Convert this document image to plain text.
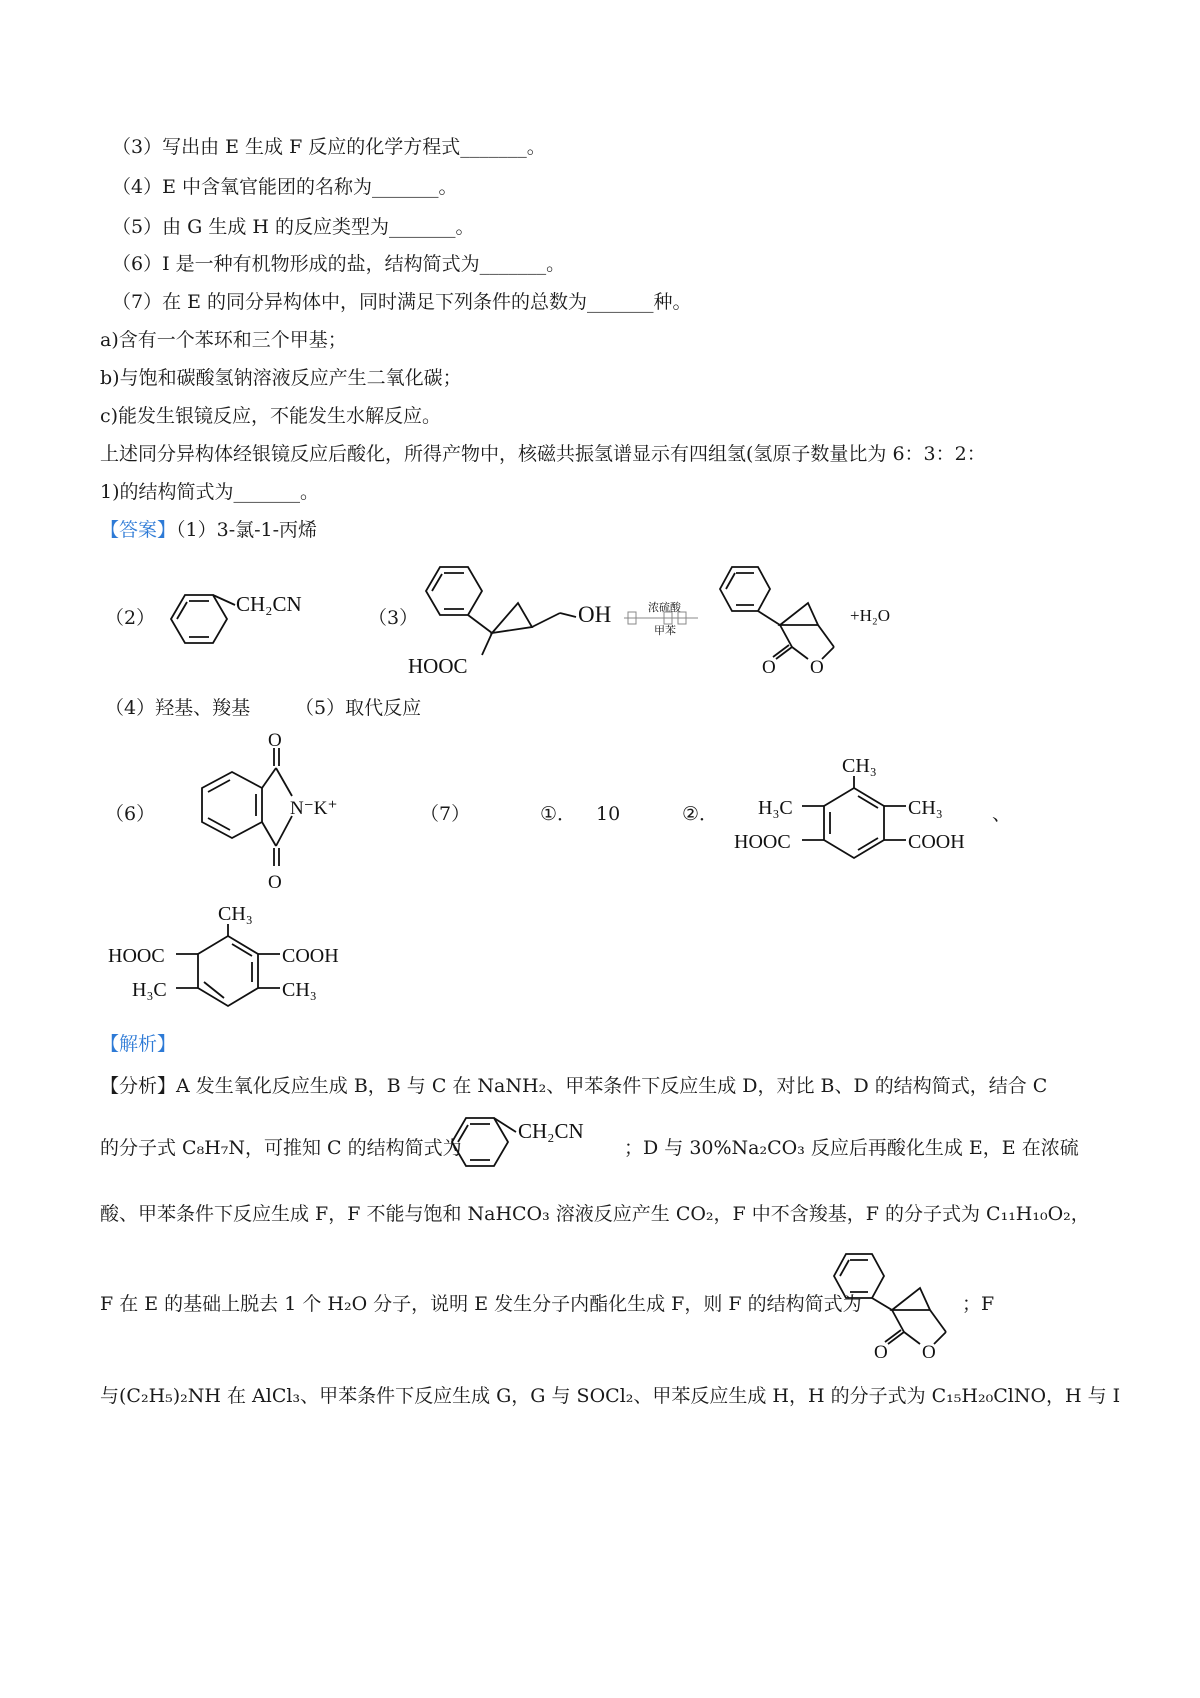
（3）写出由 E 生成 F 反应的化学方程式_______。
（4）E 中含氧官能团的名称为_______。
（5）由 G 生成 H 的反应类型为_______。
（6）I 是一种有机物形成的盐，结构简式为_______。
（7）在 E 的同分异构体中，同时满足下列条件的总数为_______种。
a)含有一个苯环和三个甲基；
b)与饱和碳酸氢钠溶液反应产生二氧化碳；
c)能发生银镜反应，不能发生水解反应。
上述同分异构体经银镜反应后酸化，所得产物中，核磁共振氢谱显示有四组氢(氢原子数量比为 6：3：2：
1)的结构简式为_______。
【答案】（1）3-氯-1-丙烯
（2）
CH₂CN
（3）	OH
HOOC
浓硫酸
甲苯
O O
+H₂O
（4）羟基、羧基 （5）取代反应
（6）
O
O
N⁻K⁺	（7）	①． 10	②．
CH₃
H₃C	CH₃
HOOC	COOH
、
CH₃
HOOC	COOH
H₃C	CH₃
【解析】
【分析】A 发生氧化反应生成 B，B 与 C 在 NaNH₂、甲苯条件下反应生成 D，对比 B、D 的结构简式，结合 C
的分子式 C₈H₇N，可推知 C 的结构简式为
CH₂CN
；D 与 30%Na₂CO₃ 反应后再酸化生成 E，E 在浓硫
酸、甲苯条件下反应生成 F，F 不能与饱和 NaHCO₃ 溶液反应产生 CO₂，F 中不含羧基，F 的分子式为 C₁₁H₁₀O₂，
F 在 E 的基础上脱去 1 个 H₂O 分子，说明 E 发生分子内酯化生成 F，则 F 的结构简式为
O O
；F
与(C₂H₅)₂NH 在 AlCl₃、甲苯条件下反应生成 G，G 与 SOCl₂、甲苯反应生成 H，H 的分子式为 C₁₅H₂₀ClNO，H 与 I
